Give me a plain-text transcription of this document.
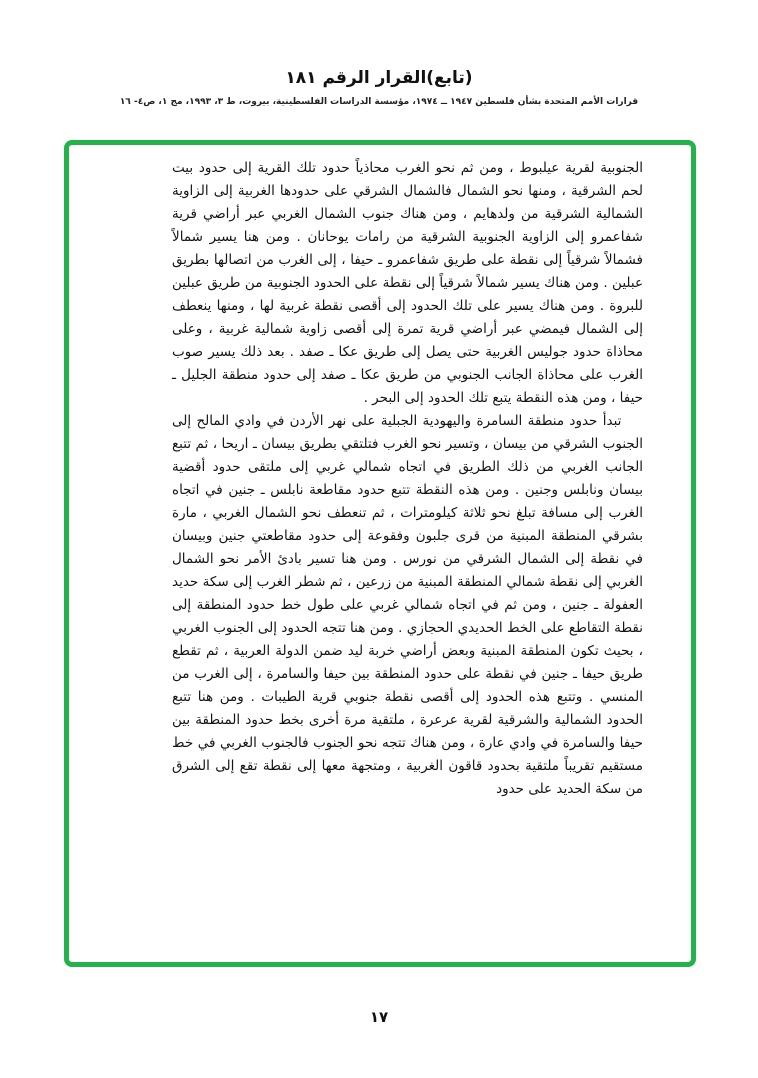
(تابع)القرار الرقم ١٨١
قرارات الأمم المتحدة بشأن فلسطين ١٩٤٧ ــ ١٩٧٤، مؤسسة الدراسات الفلسطينية، بيروت، ط ٣، ١٩٩٣، مج ١، ص٤- ١٦

الجنوبية لقرية عيلبوط ، ومن ثم نحو الغرب محاذياً حدود تلك القرية إلى حدود بيت لحم الشرقية ، ومنها نحو الشمال فالشمال الشرقي على حدودها الغربية إلى الزاوية الشمالية الشرقية من ولدهايم ، ومن هناك جنوب الشمال الغربي عبر أراضي قرية شفاعمرو إلى الزاوية الجنوبية الشرقية من رامات يوحانان . ومن هنا يسير شمالاً فشمالاً شرقياً إلى نقطة على طريق شفاعمرو ـ حيفا ، إلى الغرب من اتصالها بطريق عبلين . ومن هناك يسير شمالاً شرقياً إلى نقطة على الحدود الجنوبية من طريق عبلين للبروة . ومن هناك يسير على تلك الحدود إلى أقصى نقطة غربية لها ، ومنها ينعطف إلى الشمال فيمضي عبر أراضي قرية تمرة إلى أقصى زاوية شمالية غربية ، وعلى محاذاة حدود جوليس الغربية حتى يصل إلى طريق عكا ـ صفد . بعد ذلك يسير صوب الغرب على محاذاة الجانب الجنوبي من طريق عكا ـ صفد إلى حدود منطقة الجليل ـ حيفا ، ومن هذه النقطة يتبع تلك الحدود إلى البحر .

تبدأ حدود منطقة السامرة واليهودية الجبلية على نهر الأردن في وادي المالح إلى الجنوب الشرقي من بيسان ، وتسير نحو الغرب فتلتقي بطريق بيسان ـ اريحا ، ثم تتبع الجانب الغربي من ذلك الطريق في اتجاه شمالي غربي إلى ملتقى حدود أقضية بيسان ونابلس وجنين . ومن هذه النقطة تتبع حدود مقاطعة نابلس ـ جنين في اتجاه الغرب إلى مسافة تبلغ نحو ثلاثة كيلومترات ، ثم تنعطف نحو الشمال الغربي ، مارة بشرقي المنطقة المبنية من قرى جلبون وفقوعة إلى حدود مقاطعتي جنين وبيسان في نقطة إلى الشمال الشرقي من نورس . ومن هنا تسير بادئ الأمر نحو الشمال الغربي إلى نقطة شمالي المنطقة المبنية من زرعين ، ثم شطر الغرب إلى سكة حديد العفولة ـ جنين ، ومن ثم في اتجاه شمالي غربي على طول خط حدود المنطقة إلى نقطة التقاطع على الخط الحديدي الحجازي . ومن هنا تتجه الحدود إلى الجنوب الغربي ، بحيث تكون المنطقة المبنية وبعض أراضي خربة ليد ضمن الدولة العربية ، ثم تقطع طريق حيفا ـ جنين في نقطة على حدود المنطقة بين حيفا والسامرة ، إلى الغرب من المنسي . وتتبع هذه الحدود إلى أقصى نقطة جنوبي قرية الطيبات . ومن هنا تتبع الحدود الشمالية والشرقية لقرية عرعرة ، ملتقية مرة أخرى بخط حدود المنطقة بين حيفا والسامرة في وادي عارة ، ومن هناك تتجه نحو الجنوب فالجنوب الغربي في خط مستقيم تقريباً ملتقية بحدود قاقون الغربية ، ومتجهة معها إلى نقطة تقع إلى الشرق من سكة الحديد على حدود

١٧
